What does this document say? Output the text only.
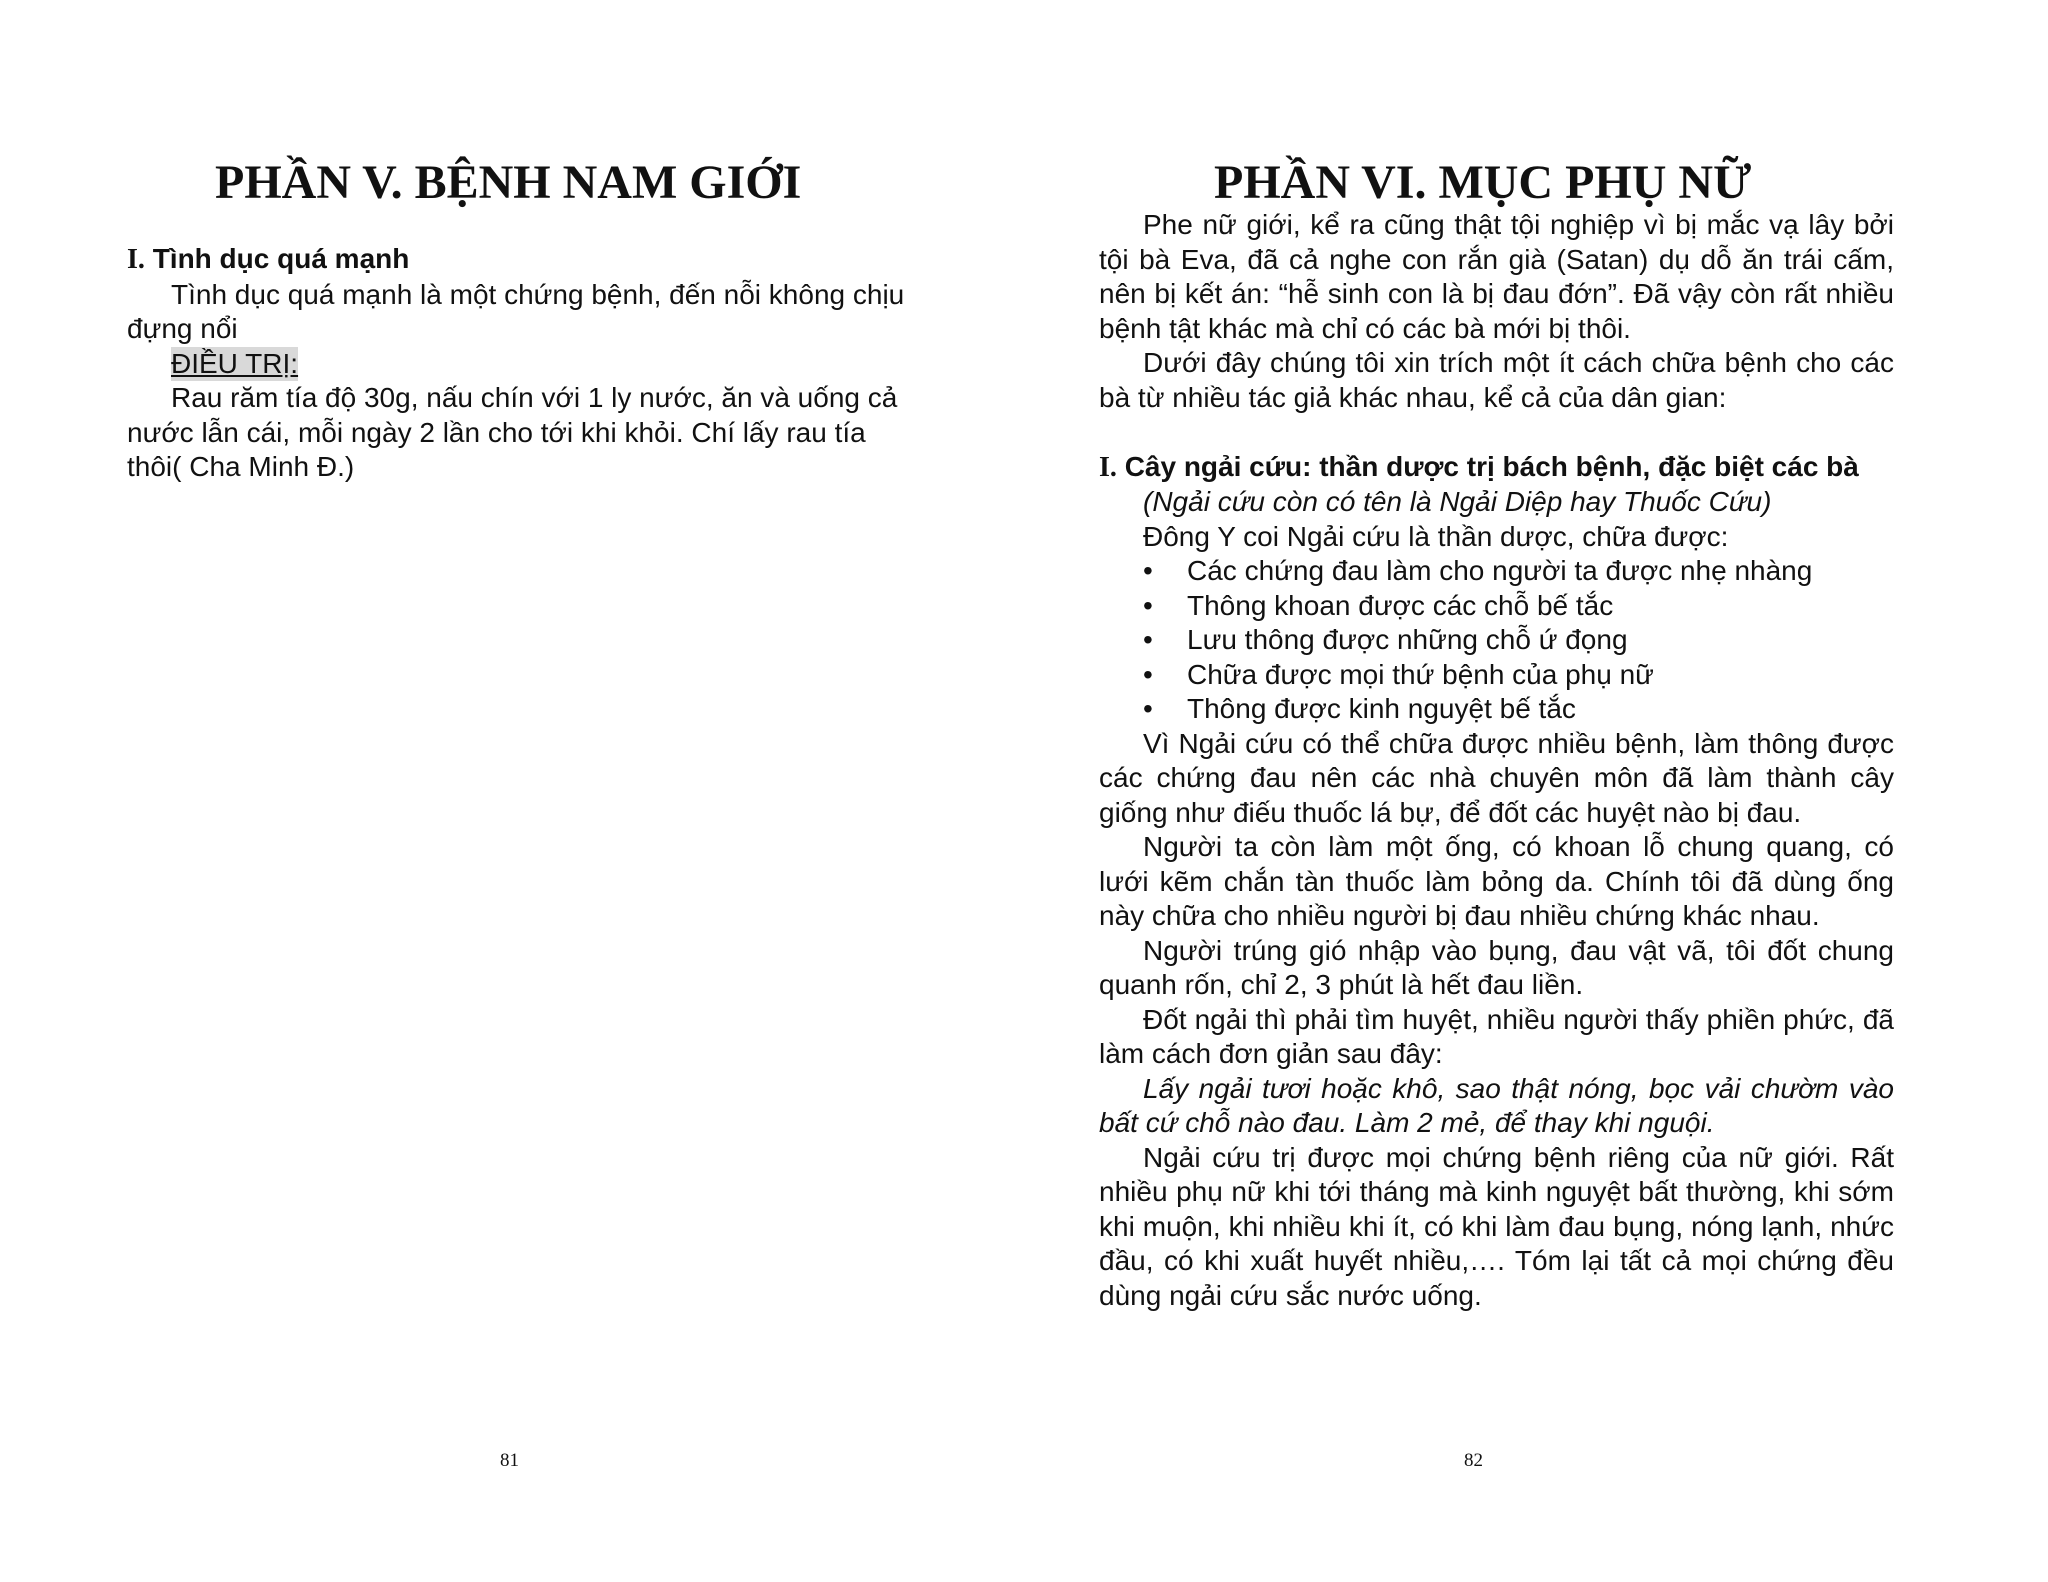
PHẦN V. BỆNH NAM GIỚI
I. Tình dục quá mạnh

Tình dục quá mạnh là một chứng bệnh, đến nỗi không chịu đựng nổi

ĐIỀU TRỊ:

Rau răm tía độ 30g, nấu chín với 1 ly nước, ăn và uống cả nước lẫn cái, mỗi ngày 2 lần cho tới khi khỏi. Chí lấy rau tía thôi( Cha Minh Đ.)

81
PHẦN VI. MỤC PHỤ NỮ

Phe nữ giới, kể ra cũng thật tội nghiệp vì bị mắc vạ lây bởi tội bà Eva, đã cả nghe con rắn già (Satan) dụ dỗ ăn trái cấm, nên bị kết án: “hễ sinh con là bị đau đớn”. Đã vậy còn rất nhiều bệnh tật khác mà chỉ có các bà mới bị thôi.

Dưới đây chúng tôi xin trích một ít cách chữa bệnh cho các bà từ nhiều tác giả khác nhau, kể cả của dân gian:

I. Cây ngải cứu: thần dược trị bách bệnh, đặc biệt các bà

(Ngải cứu còn có tên là Ngải Diệp hay Thuốc Cứu)

Đông Y coi Ngải cứu là thần dược, chữa được:

• Các chứng đau làm cho người ta được nhẹ nhàng
• Thông khoan được các chỗ bế tắc
• Lưu thông được những chỗ ứ đọng
• Chữa được mọi thứ bệnh của phụ nữ
• Thông được kinh nguyệt bế tắc

Vì Ngải cứu có thể chữa được nhiều bệnh, làm thông được các chứng đau nên các nhà chuyên môn đã làm thành cây giống như điếu thuốc lá bự, để đốt các huyệt nào bị đau.

Người ta còn làm một ống, có khoan lỗ chung quang, có lưới kẽm chắn tàn thuốc làm bỏng da. Chính tôi đã dùng ống này chữa cho nhiều người bị đau nhiều chứng khác nhau.

Người trúng gió nhập vào bụng, đau vật vã, tôi đốt chung quanh rốn, chỉ 2, 3 phút là hết đau liền.

Đốt ngải thì phải tìm huyệt, nhiều người thấy phiền phức, đã làm cách đơn giản sau đây:

Lấy ngải tươi hoặc khô, sao thật nóng, bọc vải chườm vào bất cứ chỗ nào đau. Làm 2 mẻ, để thay khi nguội.

Ngải cứu trị được mọi chứng bệnh riêng của nữ giới. Rất nhiều phụ nữ khi tới tháng mà kinh nguyệt bất thường, khi sớm khi muộn, khi nhiều khi ít, có khi làm đau bụng, nóng lạnh, nhức đầu, có khi xuất huyết nhiều,…. Tóm lại tất cả mọi chứng đều dùng ngải cứu sắc nước uống.

82
